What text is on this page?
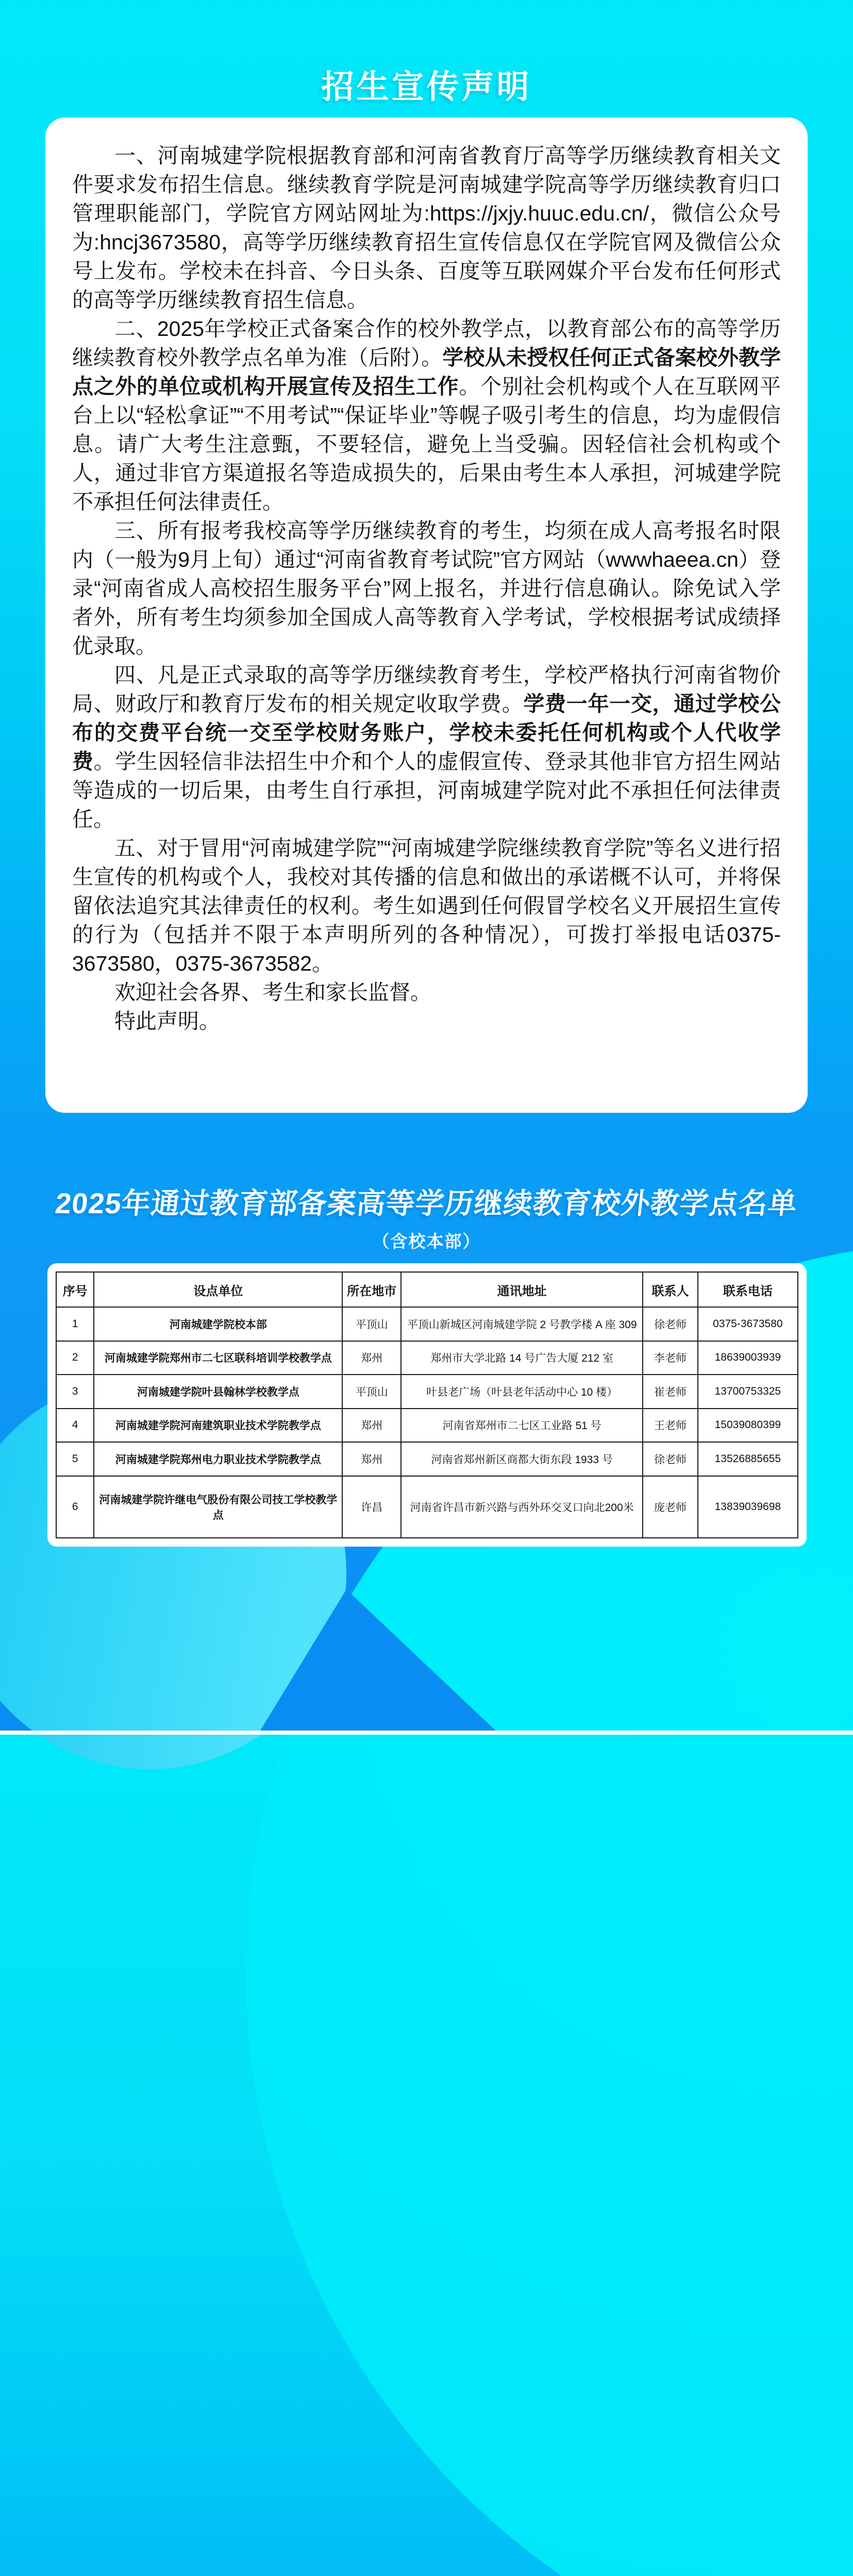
招生宣传声明

一、河南城建学院根据教育部和河南省教育厅高等学历继续教育相关文件要求发布招生信息。继续教育学院是河南城建学院高等学历继续教育归口管理职能部门，学院官方网站网址为:https://jxjy.huuc.edu.cn/，微信公众号为:hncj3673580，高等学历继续教育招生宣传信息仅在学院官网及微信公众号上发布。学校未在抖音、今日头条、百度等互联网媒介平台发布任何形式的高等学历继续教育招生信息。

二、2025年学校正式备案合作的校外教学点，以教育部公布的高等学历继续教育校外教学点名单为准（后附）。学校从未授权任何正式备案校外教学点之外的单位或机构开展宣传及招生工作。个别社会机构或个人在互联网平台上以“轻松拿证”“不用考试”“保证毕业”等幌子吸引考生的信息，均为虚假信息。请广大考生注意甄，不要轻信，避免上当受骗。因轻信社会机构或个人，通过非官方渠道报名等造成损失的，后果由考生本人承担，河城建学院不承担任何法律责任。

三、所有报考我校高等学历继续教育的考生，均须在成人高考报名时限内（一般为9月上旬）通过“河南省教育考试院”官方网站（wwwhaeea.cn）登录“河南省成人高校招生服务平台”网上报名，并进行信息确认。除免试入学者外，所有考生均须参加全国成人高等教育入学考试，学校根据考试成绩择优录取。

四、凡是正式录取的高等学历继续教育考生，学校严格执行河南省物价局、财政厅和教育厅发布的相关规定收取学费。学费一年一交，通过学校公布的交费平台统一交至学校财务账户，学校未委托任何机构或个人代收学费。学生因轻信非法招生中介和个人的虚假宣传、登录其他非官方招生网站等造成的一切后果，由考生自行承担，河南城建学院对此不承担任何法律责任。

五、对于冒用“河南城建学院”“河南城建学院继续教育学院”等名义进行招生宣传的机构或个人，我校对其传播的信息和做出的承诺概不认可，并将保留依法追究其法律责任的权利。考生如遇到任何假冒学校名义开展招生宣传的行为（包括并不限于本声明所列的各种情况），可拨打举报电话0375-3673580，0375-3673582。

欢迎社会各界、考生和家长监督。

特此声明。

2025年通过教育部备案高等学历继续教育校外教学点名单
（含校本部）
序号	设点单位	所在地市	通讯地址	联系人	联系电话
1	河南城建学院校本部	平顶山	平顶山新城区河南城建学院 2 号教学楼 A 座 309	徐老师	0375-3673580
2	河南城建学院郑州市二七区联科培训学校教学点	郑州	郑州市大学北路 14 号广告大厦 212 室	李老师	18639003939
3	河南城建学院叶县翰林学校教学点	平顶山	叶县老广场（叶县老年活动中心 10 楼）	崔老师	13700753325
4	河南城建学院河南建筑职业技术学院教学点	郑州	河南省郑州市二七区工业路 51 号	王老师	15039080399
5	河南城建学院郑州电力职业技术学院教学点	郑州	河南省郑州新区商都大街东段 1933 号	徐老师	13526885655
6	河南城建学院许继电气股份有限公司技工学校教学点	许昌	河南省许昌市新兴路与西外环交叉口向北200米	庞老师	13839039698
